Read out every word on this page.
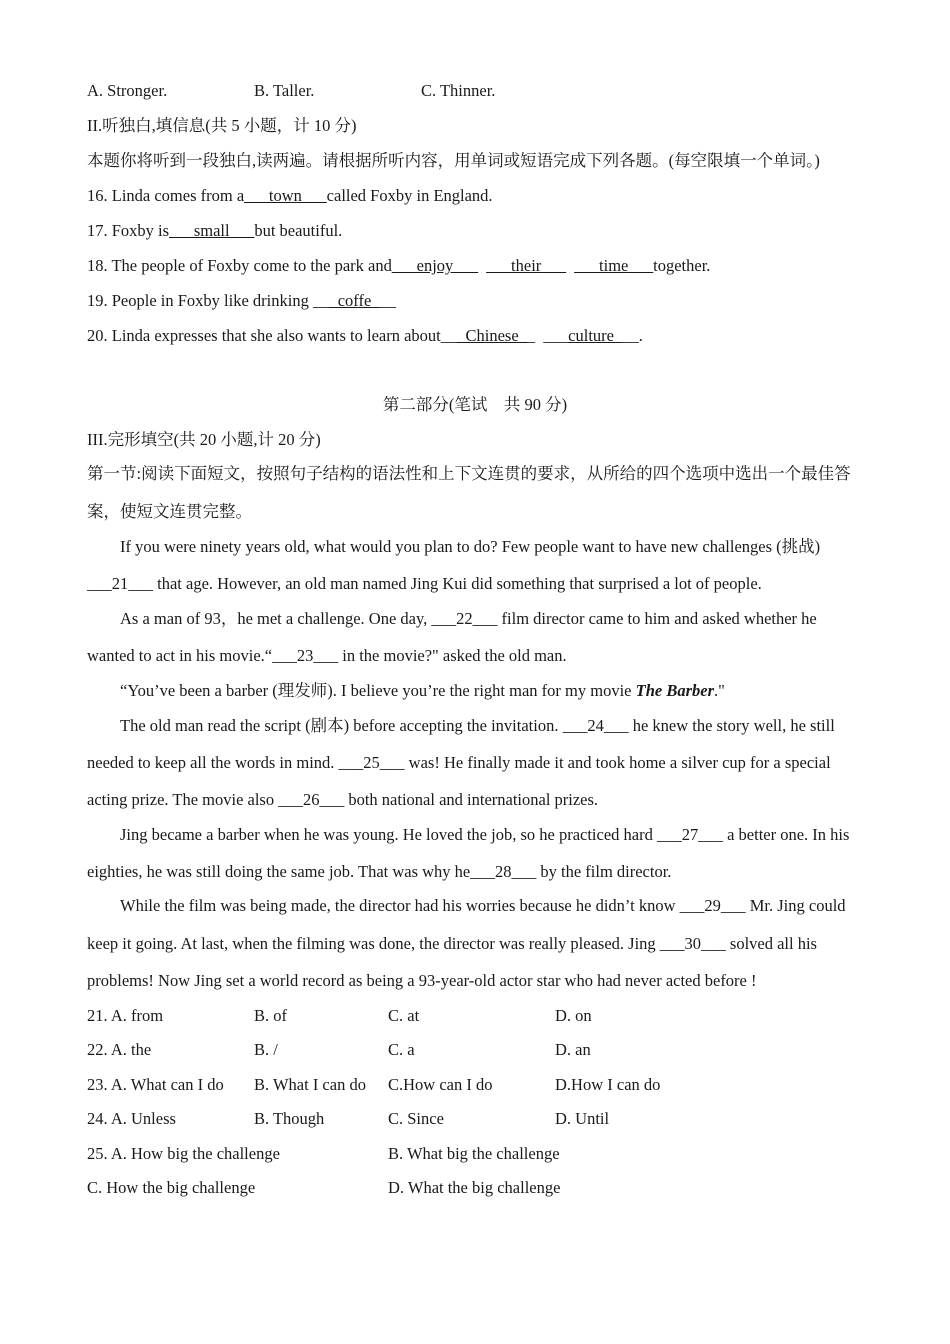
A. Stronger.	B. Taller.	C. Thinner.
II.听独白,填信息(共 5 小题，计 10 分)
本题你将听到一段独白,读两遍。请根据所听内容，用单词或短语完成下列各题。(每空限填一个单词。)
16. Linda comes from a___town___called Foxby in England.
17. Foxby is___small___but beautiful.
18. The people of Foxby come to the park and___enjoy___ ___their___ ___time___together.
19. People in Foxby like drinking ___coffe___
20. Linda expresses that she also wants to learn about___Chinese__ ___culture___.
第二部分(笔试　共 90 分)
III.完形填空(共 20 小题,计 20 分)
第一节:阅读下面短文，按照句子结构的语法性和上下文连贯的要求，从所给的四个选项中选出一个最佳答
案，使短文连贯完整。
If you were ninety years old, what would you plan to do? Few people want to have new challenges (挑战)
___21___ that age. However, an old man named Jing Kui did something that surprised a lot of people.
As a man of 93，he met a challenge. One day, ___22___ film director came to him and asked whether he
wanted to act in his movie.“___23___ in the movie?" asked the old man.
“You’ve been a barber (理发师). I believe you’re the right man for my movie The Barber."
The old man read the script (剧本) before accepting the invitation. ___24___ he knew the story well, he still
needed to keep all the words in mind. ___25___ was! He finally made it and took home a silver cup for a special
acting prize. The movie also ___26___ both national and international prizes.
Jing became a barber when he was young. He loved the job, so he practiced hard ___27___ a better one. In his
eighties, he was still doing the same job. That was why he___28___ by the film director.
While the film was being made, the director had his worries because he didn’t know ___29___ Mr. Jing could
keep it going. At last, when the filming was done, the director was really pleased. Jing ___30___ solved all his
problems! Now Jing set a world record as being a 93-year-old actor star who had never acted before !
21. A. from	B. of	C. at	D. on
22. A. the	B. /	C. a	D. an
23. A. What can I do B. What I can do C.How can I do	D.How I can do
24. A. Unless	B. Though	C. Since	D. Until
25. A. How big the challenge	B. What big the challenge
C. How the big challenge	D. What the big challenge
